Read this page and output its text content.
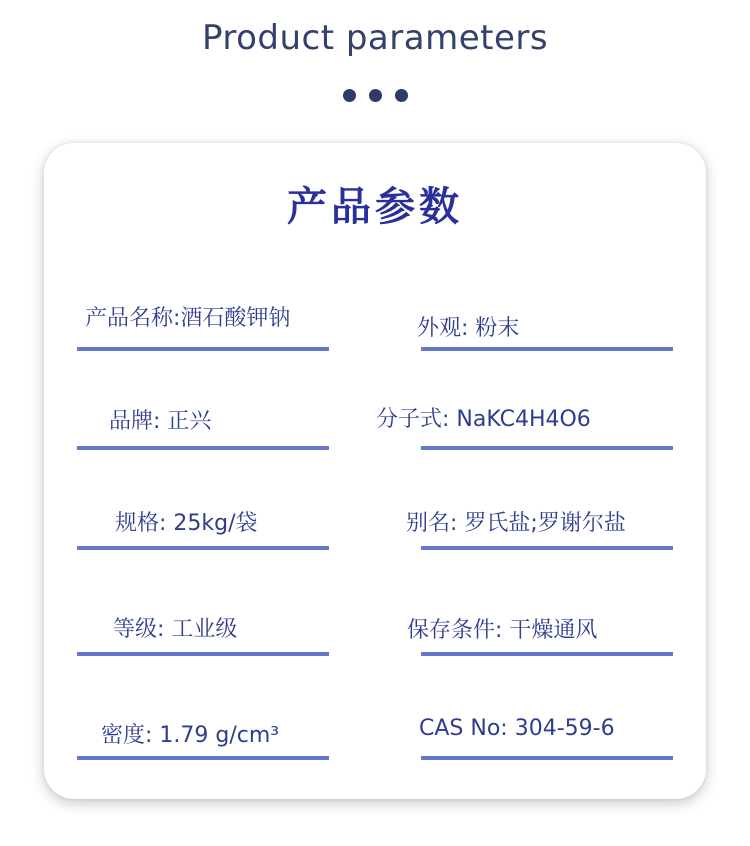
Product parameters
产品参数
产品名称:酒石酸钾钠	外观: 粉末
品牌: 正兴	分子式: NaKC4H4O6
规格: 25kg/袋	别名: 罗氏盐;罗谢尔盐
等级: 工业级	保存条件: 干燥通风
密度: 1.79 g/cm³	CAS No: 304-59-6
